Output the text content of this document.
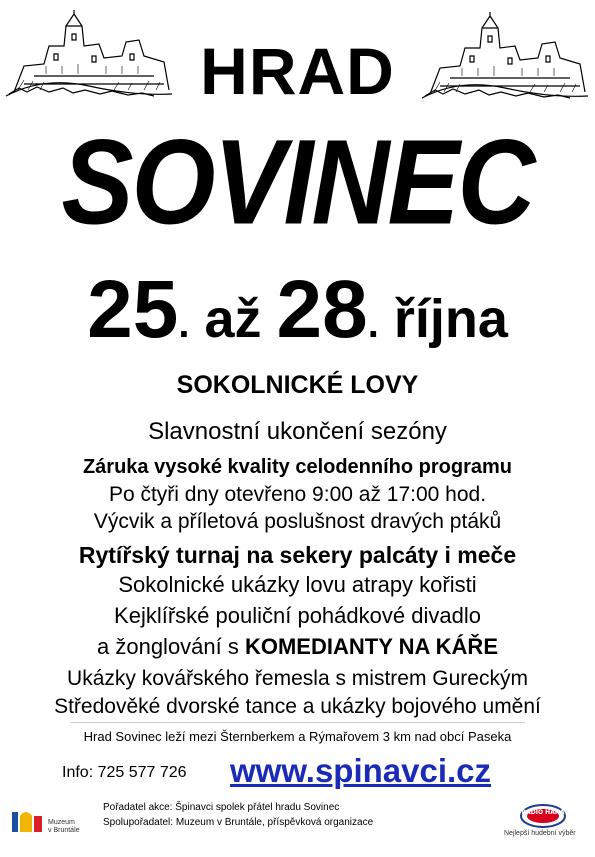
HRAD
SOVINEC
25. až 28. října
SOKOLNICKÉ LOVY
Slavnostní ukončení sezóny
Záruka vysoké kvality celodenního programu
Po čtyři dny otevřeno 9:00 až 17:00 hod.
Výcvik a příletová poslušnost dravých ptáků
Rytířský turnaj na sekery palcáty i meče
Sokolnické ukázky lovu atrapy kořisti
Kejklířské pouliční pohádkové divadlo
a žonglování s KOMEDIANTY NA KÁŘE
Ukázky kovářského řemesla s mistrem Gureckým
Středověké dvorské tance a ukázky bojového umění
Hrad Sovinec leží mezi Šternberkem a Rýmařovem 3 km nad obcí Paseka
Info: 725 577 726 www.spinavci.cz
Muzeum
v Bruntále
Pořadatel akce: Špinavci spolek přátel hradu Sovinec
Spolupořadatel: Muzeum v Bruntále, příspěvková organizace
RADIO HANÁ
Nejlepší hudební výběr
